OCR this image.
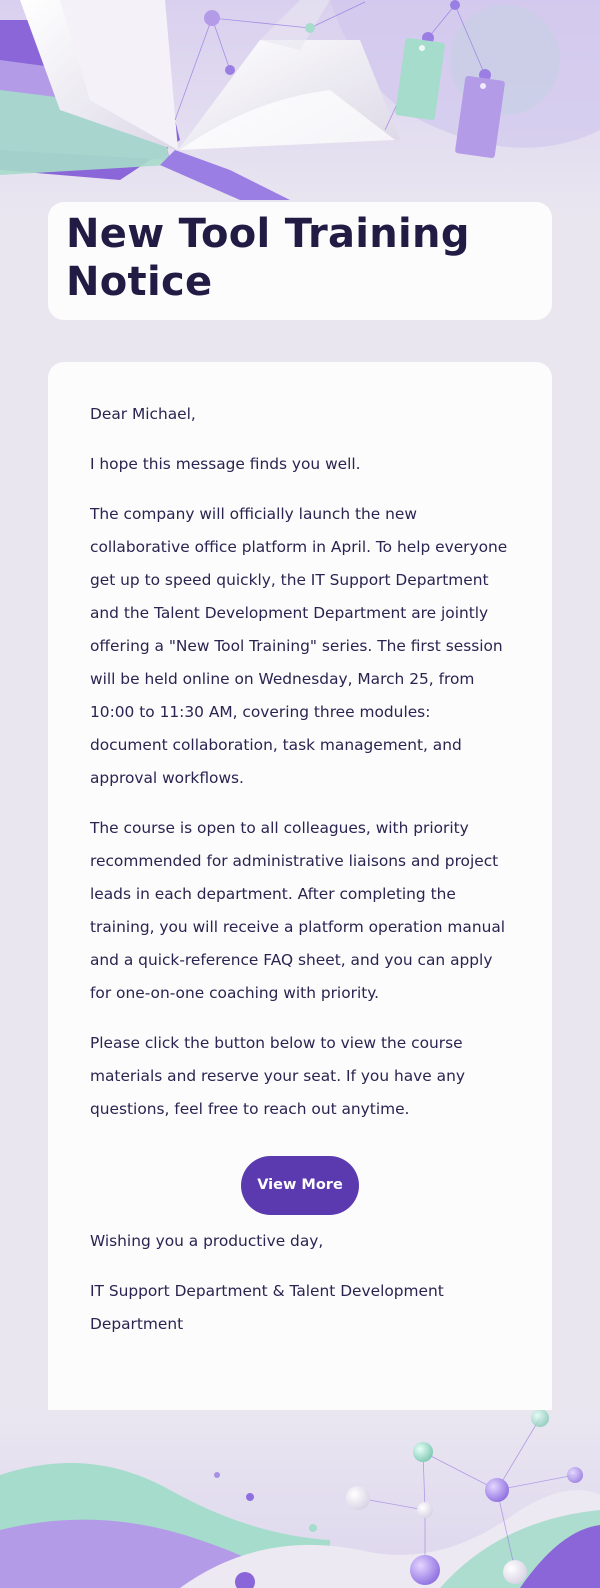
New Tool Training Notice

Dear Michael,

I hope this message finds you well.

The company will officially launch the new collaborative office platform in April. To help everyone get up to speed quickly, the IT Support Department and the Talent Development Department are jointly offering a "New Tool Training" series. The first session will be held online on Wednesday, March 25, from 10:00 to 11:30 AM, covering three modules: document collaboration, task management, and approval workflows.

The course is open to all colleagues, with priority recommended for administrative liaisons and project leads in each department. After completing the training, you will receive a platform operation manual and a quick-reference FAQ sheet, and you can apply for one-on-one coaching with priority.

Please click the button below to view the course materials and reserve your seat. If you have any questions, feel free to reach out anytime.

View More

Wishing you a productive day,

IT Support Department & Talent Development Department
